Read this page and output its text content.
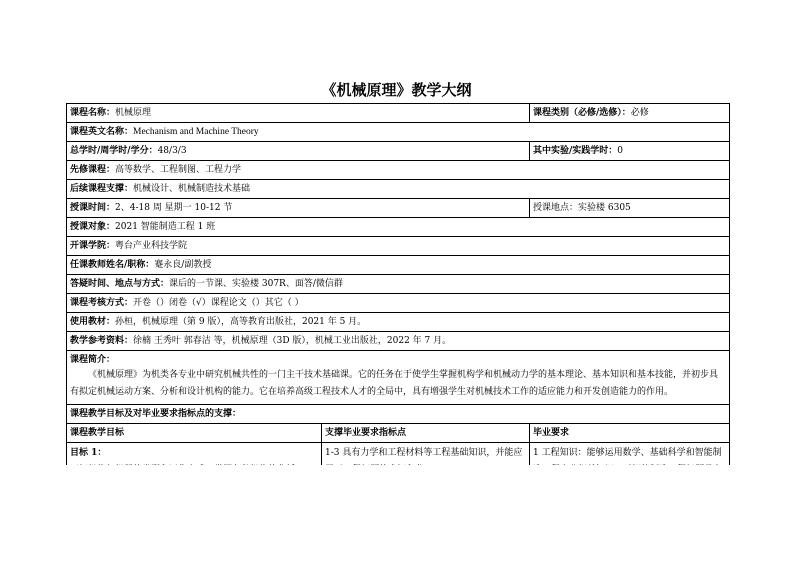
《机械原理》教学大纲
课程名称：机械原理		课程类别（必修/选修）：必修
课程英文名称：Mechanism and Machine Theory		
总学时/周学时/学分：48/3/3		其中实验/实践学时：0
先修课程：高等数学、工程制图、工程力学		
后续课程支撑：机械设计、机械制造技术基础		
授课时间：2、4-18 周 星期一 10-12 节		授课地点：实验楼 6305
授课对象：2021 智能制造工程 1 班		
开课学院：粤台产业科技学院		
任课教师姓名/职称：蹇永良/副教授		
答疑时间、地点与方式：课后的一节课、实验楼 307R、面答/微信群		
课程考核方式：开卷（）闭卷（√）课程论文（）其它（ ）		
使用教材：孙桓，机械原理（第 9 版），高等教育出版社，2021 年 5 月。		
教学参考资料：徐楠 王秀叶 郭春洁 等，机械原理（3D 版），机械工业出版社，2022 年 7 月。		

课程简介：

《机械原理》为机类各专业中研究机械共性的一门主干技术基础课。它的任务在于使学生掌握机构学和机械动力学的基本理论、基本知识和基本技能，并初步具有拟定机械运动方案、分析和设计机构的能力。它在培养高级工程技术人才的全局中，具有增强学生对机械技术工作的适应能力和开发创造能力的作用。		

课程教学目标及对毕业要求指标点的支撑：		
课程教学目标	支撑毕业要求指标点	毕业要求

目标 1：	1-3 具有力学和工程材料等工程基础知识，并能应	1 工程知识：能够运用数学、基础科学和智能制
